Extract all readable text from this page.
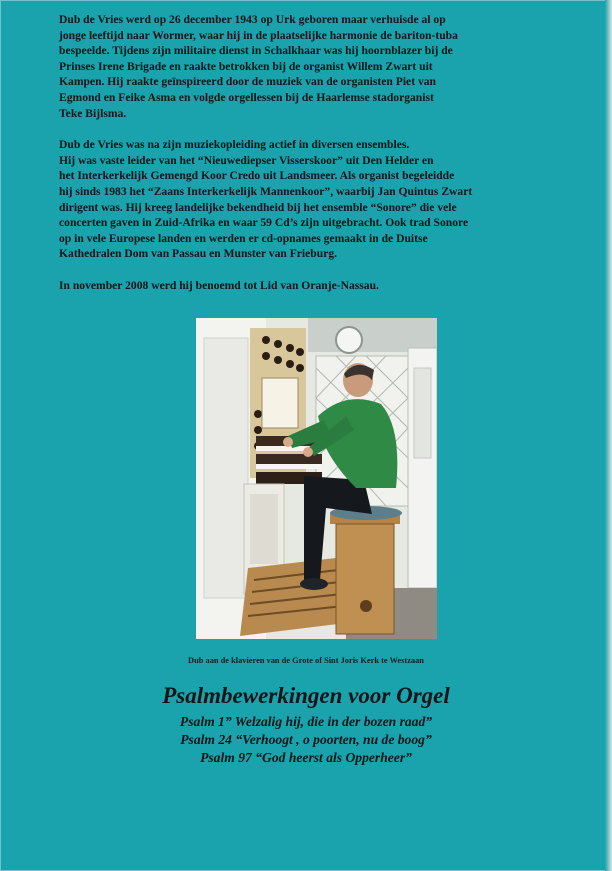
Dub de Vries werd op 26 december 1943 op Urk geboren maar verhuisde al op
jonge leeftijd naar Wormer, waar hij in de plaatselijke harmonie de bariton-tuba
bespeelde. Tijdens zijn militaire dienst in Schalkhaar was hij hoornblazer bij de
Prinses Irene Brigade en raakte betrokken bij de organist Willem Zwart uit
Kampen. Hij raakte geïnspireerd door de muziek van de organisten Piet van
Egmond en Feike Asma en volgde orgellessen bij de Haarlemse stadorganist
Teke Bijlsma.

Dub de Vries was na zijn muziekopleiding actief in diversen ensembles.
Hij was vaste leider van het “Nieuwediepser Visserskoor” uit Den Helder en
het Interkerkelijk Gemengd Koor Credo uit Landsmeer. Als organist begeleidde
hij sinds 1983 het “Zaans Interkerkelijk Mannenkoor”, waarbij Jan Quintus Zwart
dirigent was. Hij kreeg landelijke bekendheid bij het ensemble “Sonore” die vele
concerten gaven in Zuid-Afrika en waar 59 Cd’s zijn uitgebracht. Ook trad Sonore
op in vele Europese landen en werden er cd-opnames gemaakt in de Duitse
Kathedralen Dom van Passau en Munster van Frieburg.

In november 2008 werd hij benoemd tot Lid van Oranje-Nassau.

Dub aan de klavieren van de Grote of Sint Joris Kerk te Westzaan
Psalmbewerkingen voor Orgel
Psalm 1” Welzalig hij, die in der bozen raad”
Psalm 24 “Verhoogt , o poorten, nu de boog”
Psalm 97 “God heerst als Opperheer”
